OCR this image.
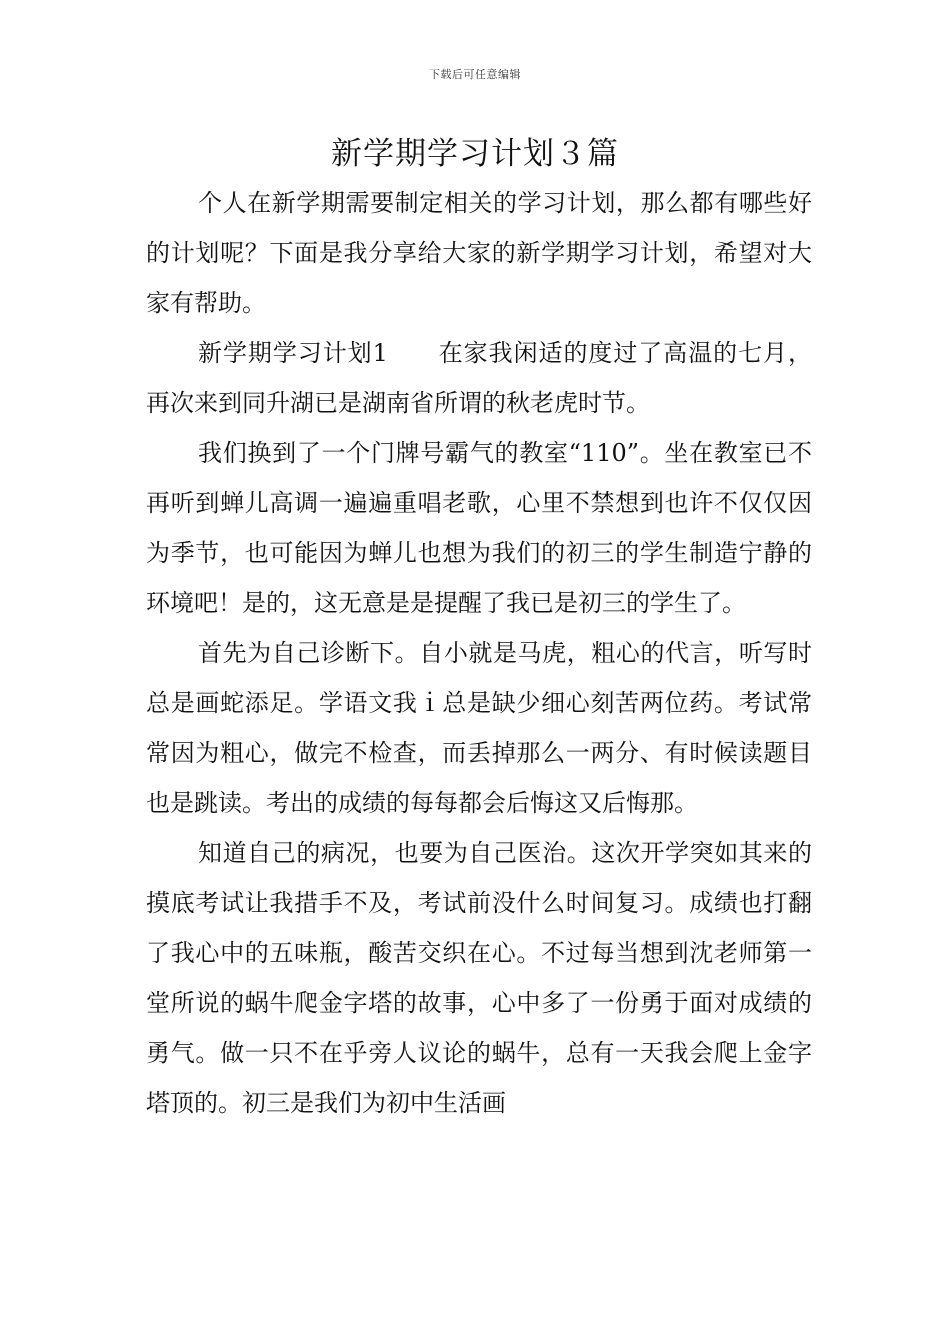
下载后可任意编辑
新学期学习计划３篇

个人在新学期需要制定相关的学习计划，那么都有哪些好的计划呢？下面是我分享给大家的新学期学习计划，希望对大家有帮助。

新学期学习计划1　　在家我闲适的度过了高温的七月，再次来到同升湖已是湖南省所谓的秋老虎时节。

我们换到了一个门牌号霸气的教室“110”。坐在教室已不再听到蝉儿高调一遍遍重唱老歌，心里不禁想到也许不仅仅因为季节，也可能因为蝉儿也想为我们的初三的学生制造宁静的环境吧！是的，这无意是是提醒了我已是初三的学生了。

首先为自己诊断下。自小就是马虎，粗心的代言，听写时总是画蛇添足。学语文我ｉ总是缺少细心刻苦两位药。考试常常因为粗心，做完不检查，而丢掉那么一两分、有时候读题目也是跳读。考出的成绩的每每都会后悔这又后悔那。

知道自己的病况，也要为自己医治。这次开学突如其来的摸底考试让我措手不及，考试前没什么时间复习。成绩也打翻了我心中的五味瓶，酸苦交织在心。不过每当想到沈老师第一堂所说的蜗牛爬金字塔的故事，心中多了一份勇于面对成绩的勇气。做一只不在乎旁人议论的蜗牛，总有一天我会爬上金字塔顶的。初三是我们为初中生活画
